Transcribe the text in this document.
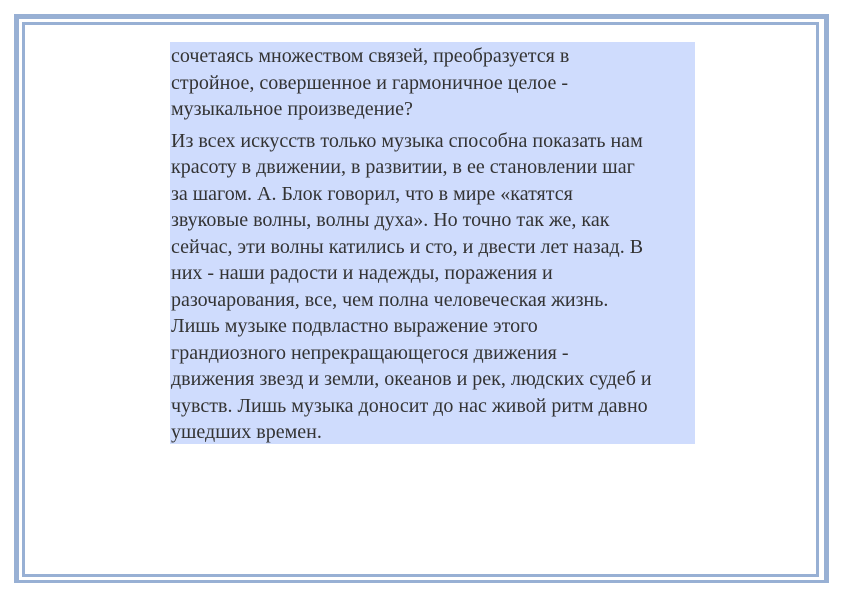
сочетаясь множеством связей, преобразуется в
стройное, совершенное и гармоничное целое -
музыкальное произведение?

Из всех искусств только музыка способна показать нам
красоту в движении, в развитии, в ее становлении шаг
за шагом. А. Блок говорил, что в мире «катятся
звуковые волны, волны духа». Но точно так же, как
сейчас, эти волны катились и сто, и двести лет назад. В
них - наши радости и надежды, поражения и
разочарования, все, чем полна человеческая жизнь.
Лишь музыке подвластно выражение этого
грандиозного непрекращающегося движения -
движения звезд и земли, океанов и рек, людских судеб и
чувств. Лишь музыка доносит до нас живой ритм давно
ушедших времен.
